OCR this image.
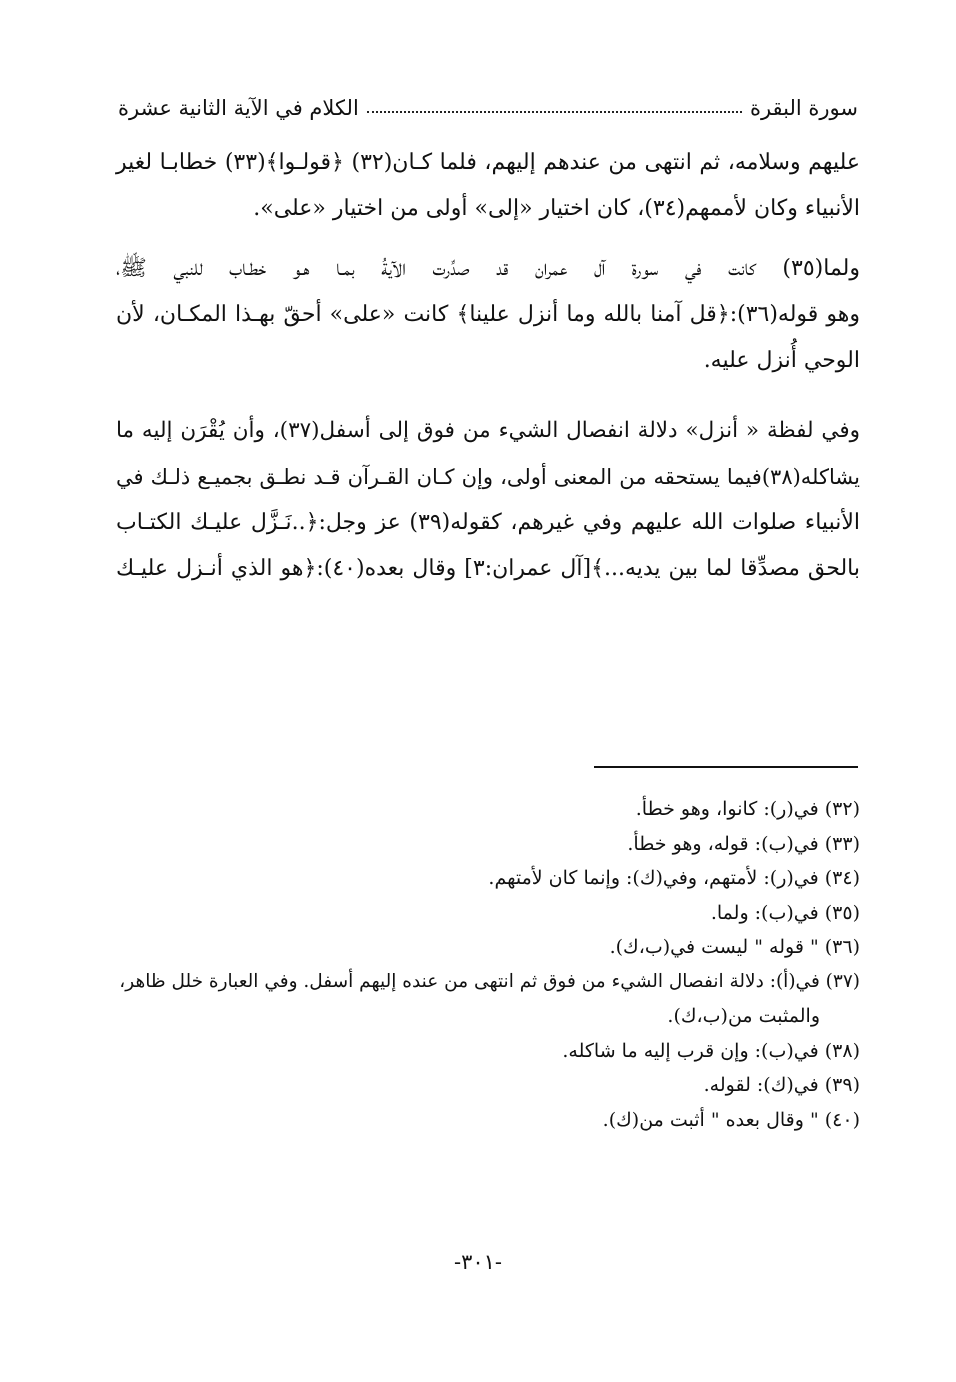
سورة البقرة
الكلام في الآية الثانية عشرة
عليهم وسلامه، ثم انتهى من عندهم إليهم، فلما كـان(٣٢) ﴿قولـوا﴾(٣٣) خطابـا لغير
الأنبياء وكان لأممهم(٣٤)، كان اختيار «إلى» أولى من اختيار «على».
ولما(٣٥) كانت في سورة آل عمران قد صدِّرت الآيةُ بمـا هـو خطـاب للنبي ﷺ،
وهو قوله(٣٦):﴿قل آمنا بالله وما أنزل علينا﴾ كانت «على» أحقّ بهـذا المكـان، لأن
الوحي أُنزل عليه.
وفي لفظة « أنزل» دلالة انفصال الشيء من فوق إلى أسفل(٣٧)، وأن يُقْرَن إليه ما
يشاكله(٣٨)فيما يستحقه من المعنى أولى، وإن كـان القـرآن قـد نطـق بجميـع ذلـك في
الأنبياء صلوات الله عليهم وفي غيرهم، كقوله(٣٩) عز وجل:﴿..نَـزَّل عليـك الكتـاب
بالحق مصدِّقا لما بين يديه...﴾[آل عمران:٣] وقال بعده(٤٠):﴿هو الذي أنـزل عليـك
(٣٢) في(ر): كانوا، وهو خطأ.
(٣٣) في(ب): قوله، وهو خطأ.
(٣٤) في(ر): لأمتهم، وفي(ك): وإنما كان لأمتهم.
(٣٥) في(ب): ولما.
(٣٦) " قوله " ليست في(ب،ك).
(٣٧) في(أ): دلالة انفصال الشيء من فوق ثم انتهى من عنده إليهم أسفل. وفي العبارة خلل ظاهر،
والمثبت من(ب،ك).
(٣٨) في(ب): وإن قرب إليه ما شاكله.
(٣٩) في(ك): لقوله.
(٤٠) " وقال بعده " أثبت من(ك).
-٣٠١-
